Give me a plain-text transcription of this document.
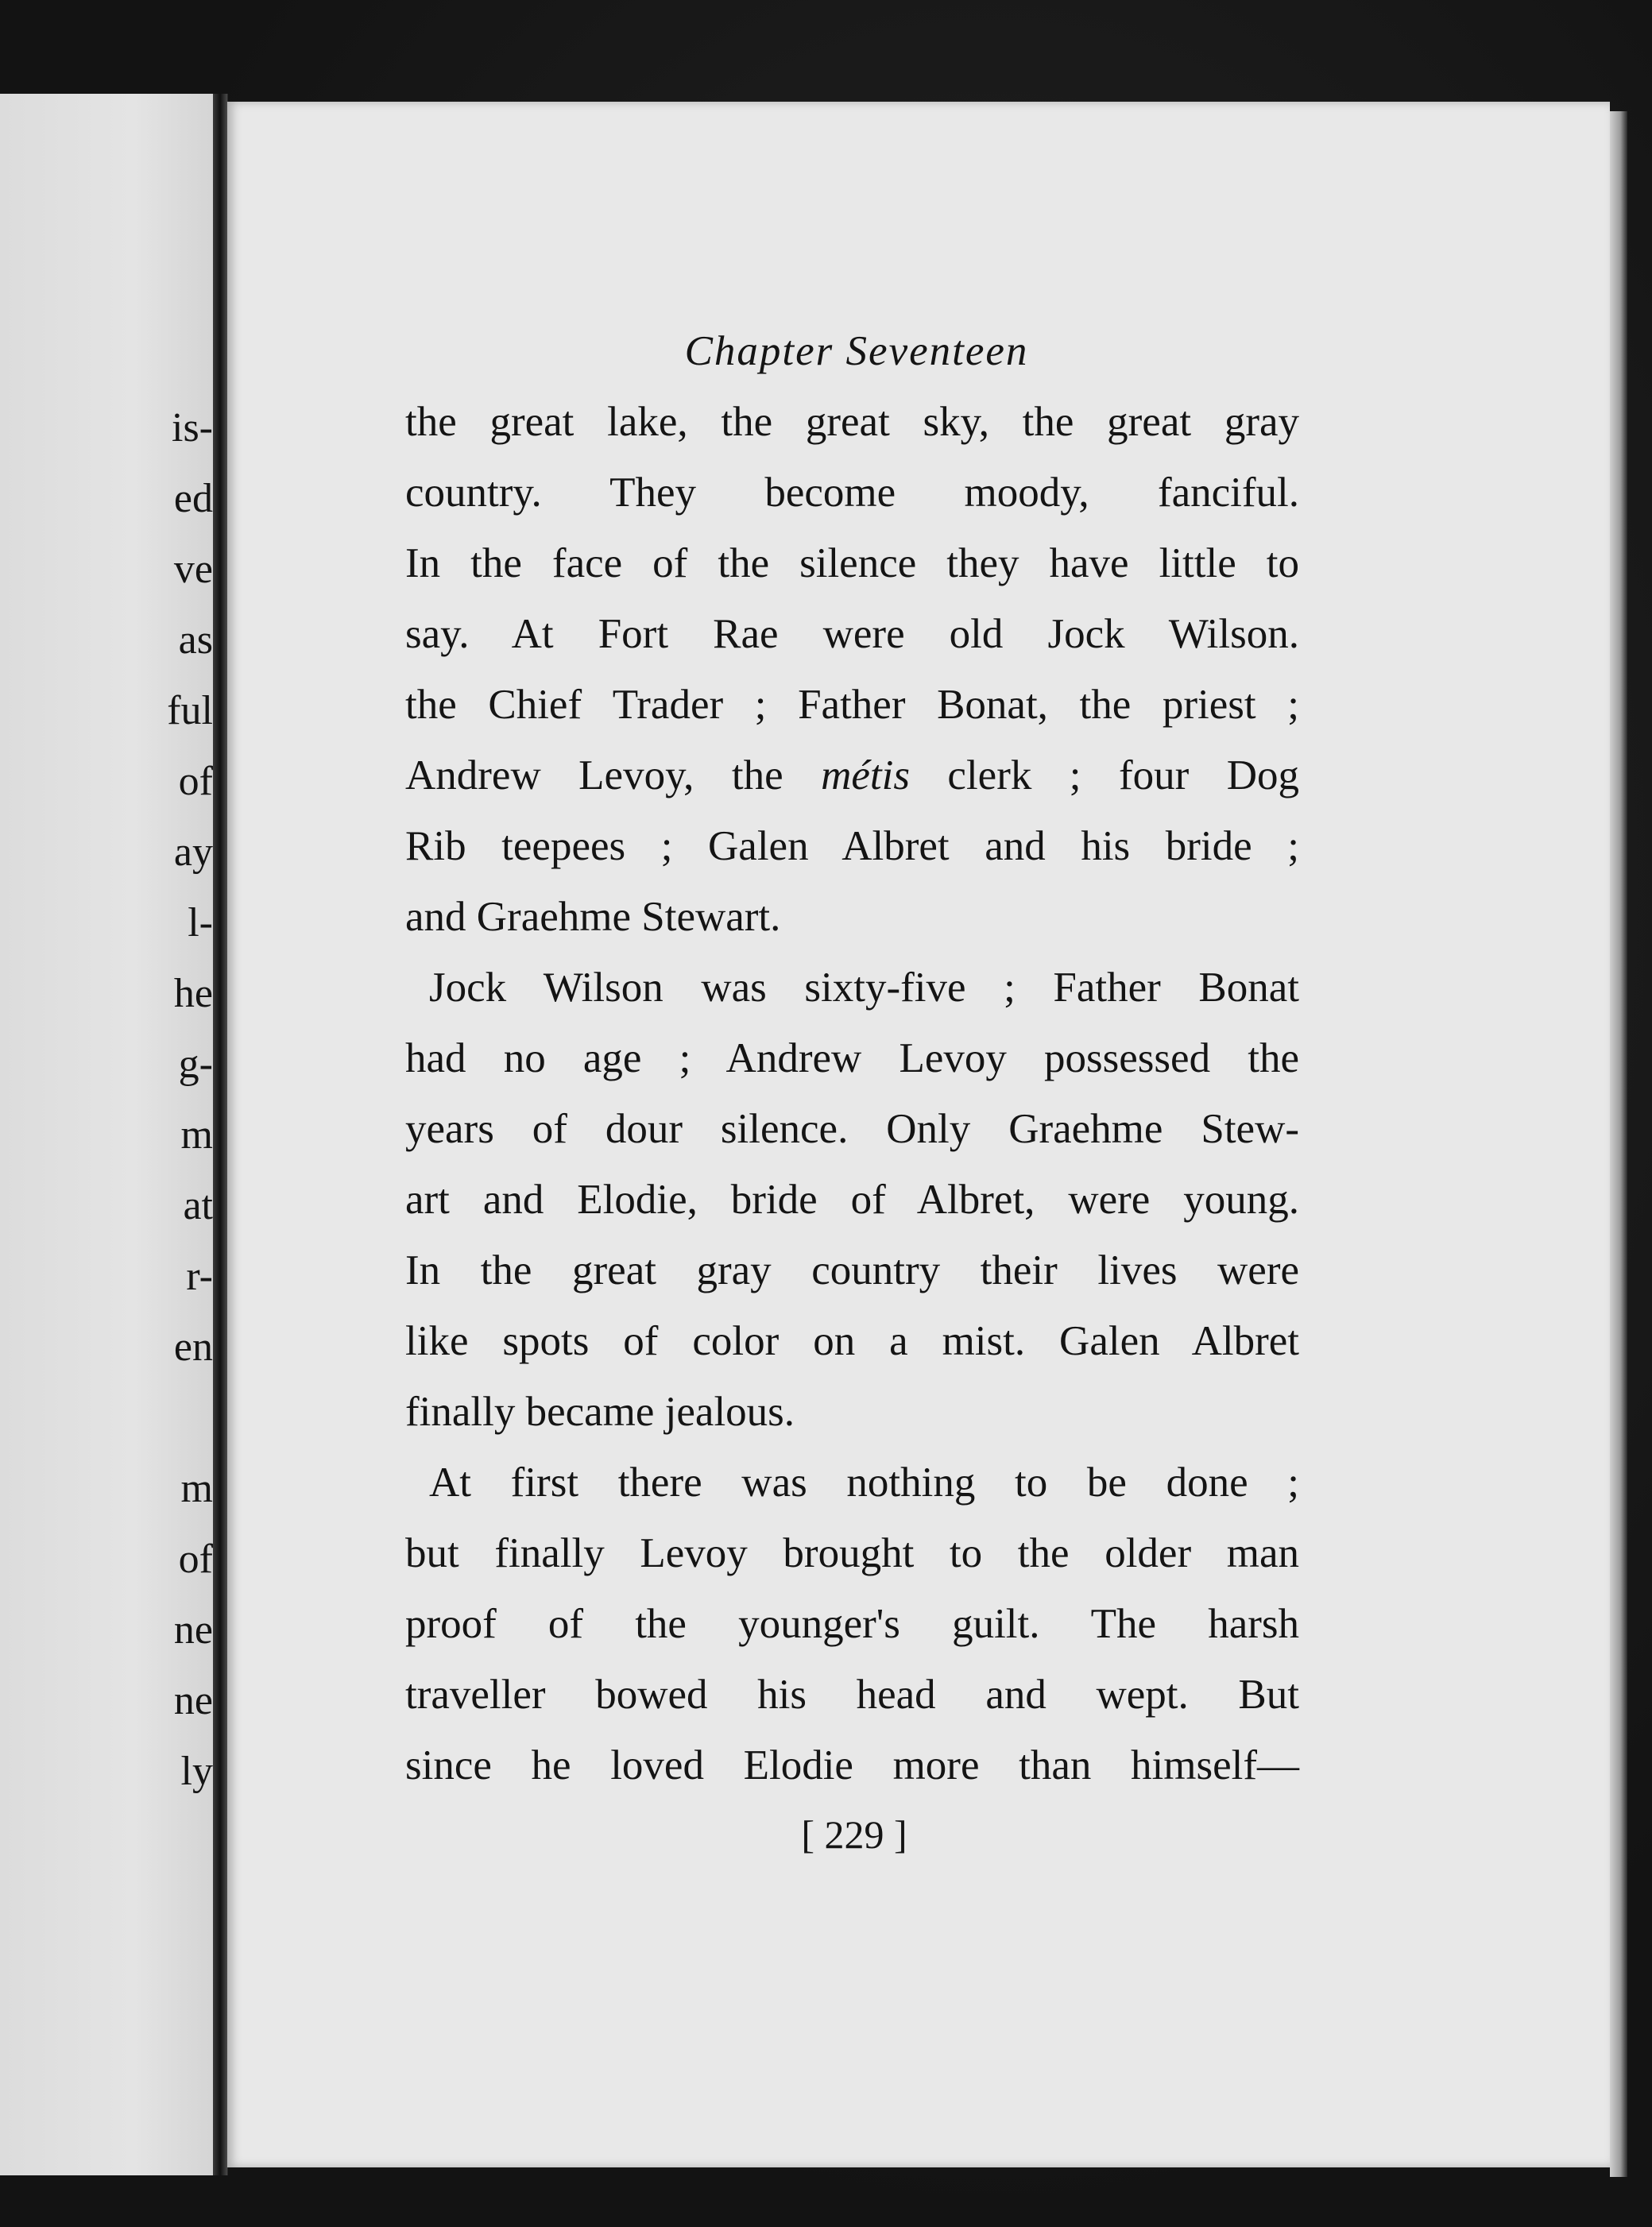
is-
ed
ve
as
ful
of
ay
l-
he
g-
m
at
r-
en
m
of
ne
ne
ly
Chapter Seventeen
the great lake, the great sky, the great gray
country. They become moody, fanciful.
In the face of the silence they have little to
say. At Fort Rae were old Jock Wilson.
the Chief Trader ; Father Bonat, the priest ;
Andrew Levoy, the métis clerk ; four Dog
Rib teepees ; Galen Albret and his bride ;
and Graehme Stewart.
Jock Wilson was sixty-five ; Father Bonat
had no age ; Andrew Levoy possessed the
years of dour silence. Only Graehme Stew-
art and Elodie, bride of Albret, were young.
In the great gray country their lives were
like spots of color on a mist. Galen Albret
finally became jealous.
At first there was nothing to be done ;
but finally Levoy brought to the older man
proof of the younger's guilt. The harsh
traveller bowed his head and wept. But
since he loved Elodie more than himself—
[ 229 ]
